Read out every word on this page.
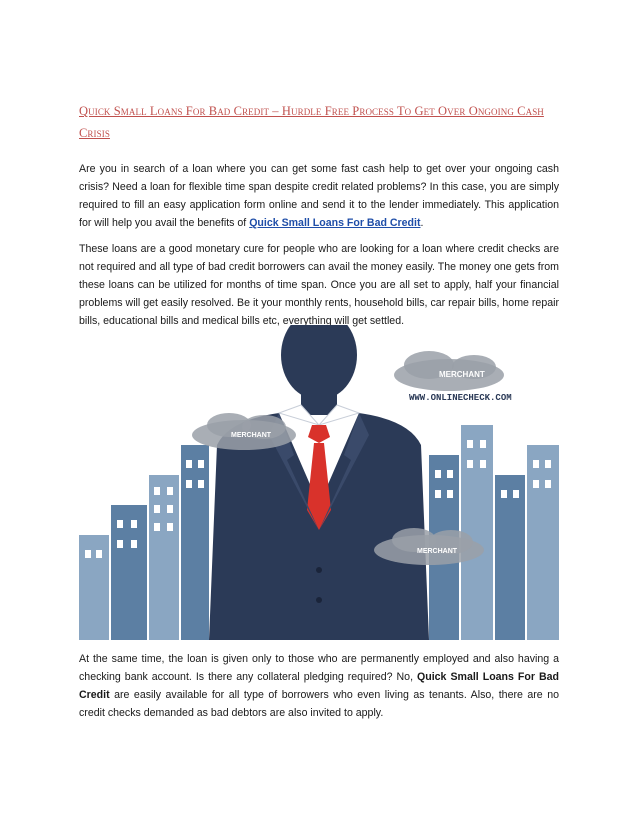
Quick Small Loans For Bad Credit – Hurdle Free Process To Get Over Ongoing Cash Crisis

Are you in search of a loan where you can get some fast cash help to get over your ongoing cash crisis? Need a loan for flexible time span despite credit related problems? In this case, you are simply required to fill an easy application form online and send it to the lender immediately. This application for will help you avail the benefits of Quick Small Loans For Bad Credit.

These loans are a good monetary cure for people who are looking for a loan where credit checks are not required and all type of bad credit borrowers can avail the money easily. The money one gets from these loans can be utilized for months of time span. Once you are all set to apply, half your financial problems will get easily resolved. Be it your monthly rents, household bills, car repair bills, home repair bills, educational bills and medical bills etc, everything will get settled.

MERCHANT
WWW.ONLINECHECK.COM
MERCHANT
MERCHANT

At the same time, the loan is given only to those who are permanently employed and also having a checking bank account. Is there any collateral pledging required? No, Quick Small Loans For Bad Credit are easily available for all type of borrowers who even living as tenants. Also, there are no credit checks demanded as bad debtors are also invited to apply.
